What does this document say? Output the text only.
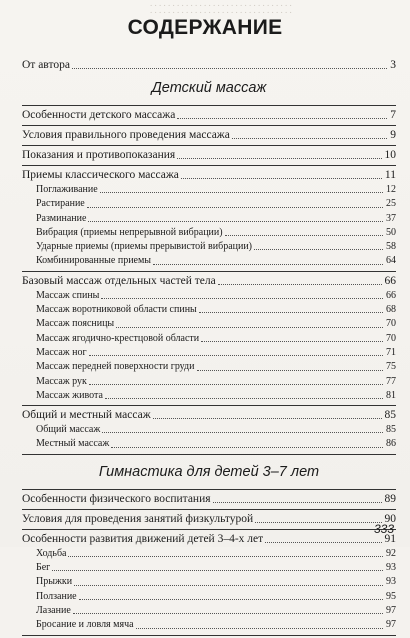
. . . . . . . . . . . . . . . . . . . . . . . . . . . . . . . .
. . . . . . . . . . . . . . . . . . . . . . . . . . . . . . . .
СОДЕРЖАНИЕ
От автора	3
Детский массаж
Особенности детского массажа	7
Условия правильного проведения массажа	9
Показания и противопоказания	10
Приемы классического массажа	11
Поглаживание	12
Растирание	25
Разминание	37
Вибрация (приемы непрерывной вибрации)	50
Ударные приемы (приемы прерывистой вибрации)	58
Комбинированные приемы	64
Базовый массаж отдельных частей тела	66
Массаж спины	66
Массаж воротниковой области спины	68
Массаж поясницы	70
Массаж ягодично-крестцовой области	70
Массаж ног	71
Массаж передней поверхности груди	75
Массаж рук	77
Массаж живота	81
Общий и местный массаж	85
Общий массаж	85
Местный массаж	86
Гимнастика для детей 3–7 лет
Особенности физического воспитания	89
Условия для проведения занятий физкультурой	90
Особенности развития движений детей 3–4-х лет	91
Ходьба	92
Бег	93
Прыжки	93
Ползание	95
Лазание	97
Бросание и ловля мяча	97
333
